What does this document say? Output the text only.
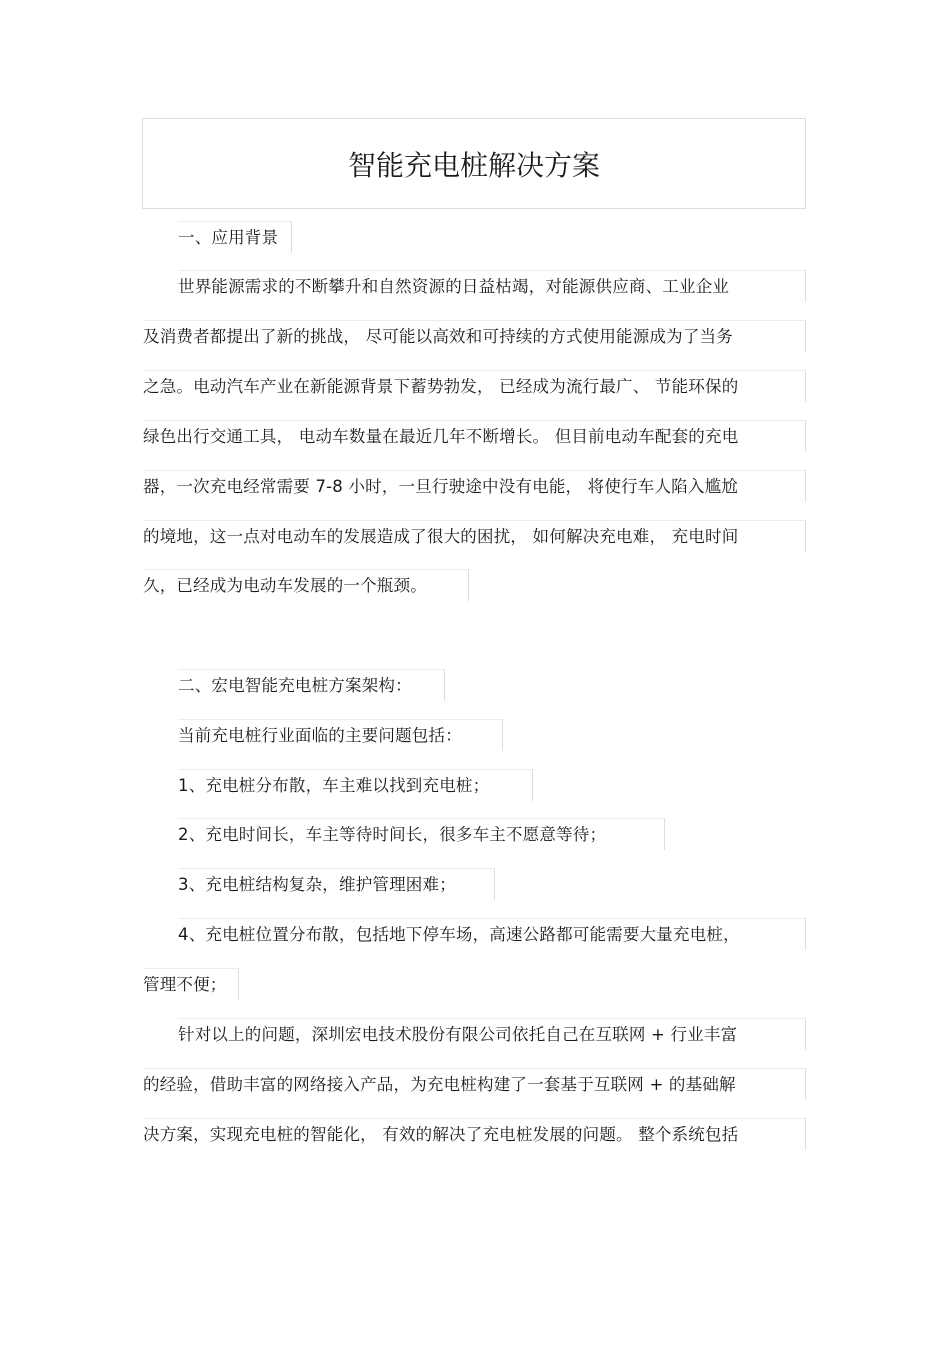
智能充电桩解决方案
一、应用背景
世界能源需求的不断攀升和自然资源的日益枯竭，对能源供应商、工业企业
及消费者都提出了新的挑战， 尽可能以高效和可持续的方式使用能源成为了当务
之急。电动汽车产业在新能源背景下蓄势勃发， 已经成为流行最广、 节能环保的
绿色出行交通工具， 电动车数量在最近几年不断增长。 但目前电动车配套的充电
器，一次充电经常需要 7-8 小时，一旦行驶途中没有电能， 将使行车人陷入尴尬
的境地，这一点对电动车的发展造成了很大的困扰， 如何解决充电难， 充电时间
久，已经成为电动车发展的一个瓶颈。
二、宏电智能充电桩方案架构：
当前充电桩行业面临的主要问题包括：
1、充电桩分布散，车主难以找到充电桩；
2、充电时间长，车主等待时间长，很多车主不愿意等待；
3、充电桩结构复杂，维护管理困难；
4、充电桩位置分布散，包括地下停车场，高速公路都可能需要大量充电桩，
管理不便；
针对以上的问题，深圳宏电技术股份有限公司依托自己在互联网 + 行业丰富
的经验，借助丰富的网络接入产品，为充电桩构建了一套基于互联网 + 的基础解
决方案，实现充电桩的智能化， 有效的解决了充电桩发展的问题。 整个系统包括
